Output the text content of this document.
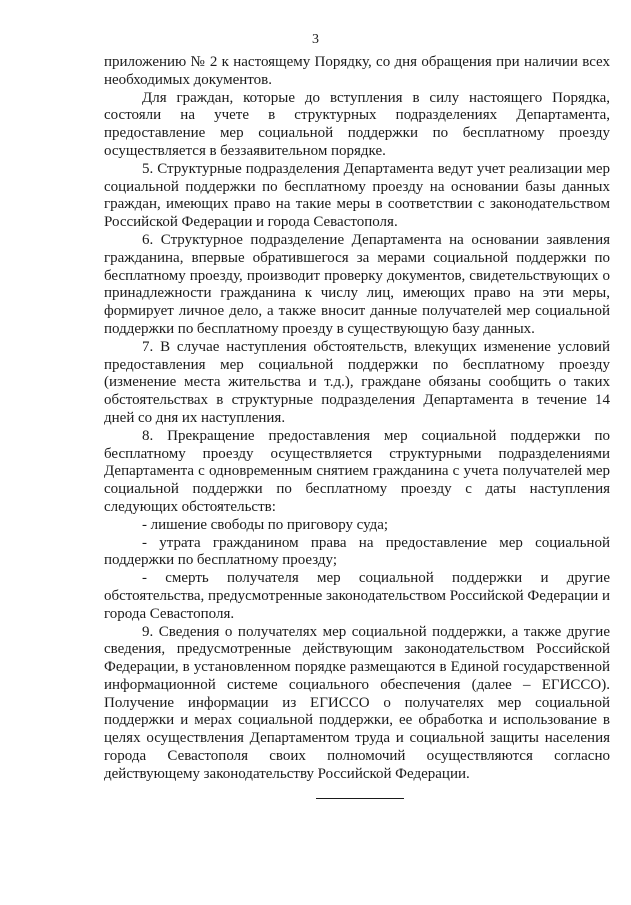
3

приложению № 2 к настоящему Порядку, со дня обращения при наличии всех необходимых документов.

Для граждан, которые до вступления в силу настоящего Порядка, состояли на учете в структурных подразделениях Департамента, предоставление мер социальной поддержки по бесплатному проезду осуществляется в беззаявительном порядке.

5. Структурные подразделения Департамента ведут учет реализации мер социальной поддержки по бесплатному проезду на основании базы данных граждан, имеющих право на такие меры в соответствии с законодательством Российской Федерации и города Севастополя.

6. Структурное подразделение Департамента на основании заявления гражданина, впервые обратившегося за мерами социальной поддержки по бесплатному проезду, производит проверку документов, свидетельствующих о принадлежности гражданина к числу лиц, имеющих право на эти меры, формирует личное дело, а также вносит данные получателей мер социальной поддержки по бесплатному проезду в существующую базу данных.

7. В случае наступления обстоятельств, влекущих изменение условий предоставления мер социальной поддержки по бесплатному проезду (изменение места жительства и т.д.), граждане обязаны сообщить о таких обстоятельствах в структурные подразделения Департамента в течение 14 дней со дня их наступления.

8. Прекращение предоставления мер социальной поддержки по бесплатному проезду осуществляется структурными подразделениями Департамента с одновременным снятием гражданина с учета получателей мер социальной поддержки по бесплатному проезду с даты наступления следующих обстоятельств:

- лишение свободы по приговору суда;

- утрата гражданином права на предоставление мер социальной поддержки по бесплатному проезду;

- смерть получателя мер социальной поддержки и другие обстоятельства, предусмотренные законодательством Российской Федерации и города Севастополя.

9. Сведения о получателях мер социальной поддержки, а также другие сведения, предусмотренные действующим законодательством Российской Федерации, в установленном порядке размещаются в Единой государственной информационной системе социального обеспечения (далее – ЕГИССО). Получение информации из ЕГИССО о получателях мер социальной поддержки и мерах социальной поддержки, ее обработка и использование в целях осуществления Департаментом труда и социальной защиты населения города Севастополя своих полномочий осуществляются согласно действующему законодательству Российской Федерации.
